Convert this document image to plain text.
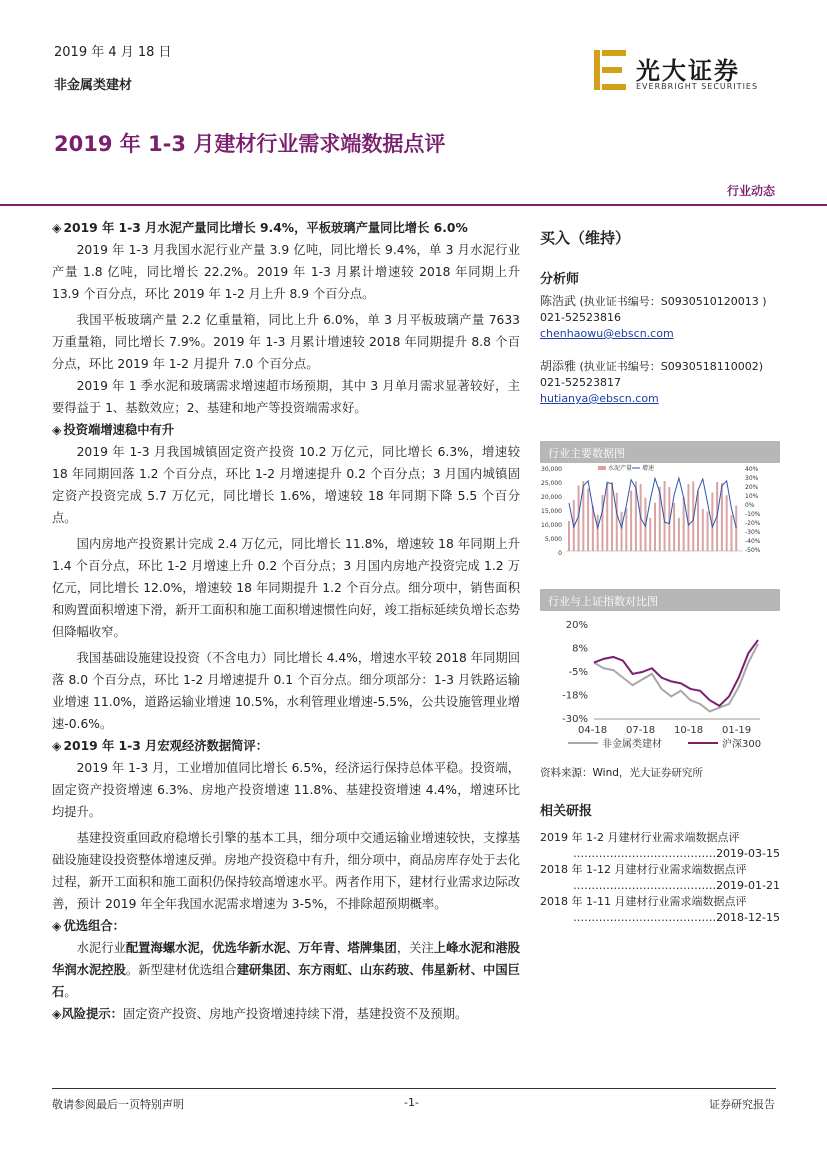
2019 年 4 月 18 日
非金属类建材
光大证券
EVERBRIGHT SECURITIES
2019 年 1-3 月建材行业需求端数据点评
行业动态
◈ 2019 年 1-3 月水泥产量同比增长 9.4%，平板玻璃产量同比增长 6.0%

2019 年 1-3 月我国水泥行业产量 3.9 亿吨，同比增长 9.4%，单 3 月水泥行业产量 1.8 亿吨，同比增长 22.2%。2019 年 1-3 月累计增速较 2018 年同期上升 13.9 个百分点，环比 2019 年 1-2 月上升 8.9 个百分点。

我国平板玻璃产量 2.2 亿重量箱，同比上升 6.0%，单 3 月平板玻璃产量 7633 万重量箱，同比增长 7.9%。2019 年 1-3 月累计增速较 2018 年同期提升 8.8 个百分点，环比 2019 年 1-2 月提升 7.0 个百分点。

2019 年 1 季水泥和玻璃需求增速超市场预期，其中 3 月单月需求显著较好，主要得益于 1、基数效应；2、基建和地产等投资端需求好。

◈ 投资端增速稳中有升

2019 年 1-3 月我国城镇固定资产投资 10.2 万亿元，同比增长 6.3%，增速较 18 年同期回落 1.2 个百分点，环比 1-2 月增速提升 0.2 个百分点；3 月国内城镇固定资产投资完成 5.7 万亿元，同比增长 1.6%，增速较 18 年同期下降 5.5 个百分点。

国内房地产投资累计完成 2.4 万亿元，同比增长 11.8%，增速较 18 年同期上升 1.4 个百分点，环比 1-2 月增速上升 0.2 个百分点；3 月国内房地产投资完成 1.2 万亿元，同比增长 12.0%，增速较 18 年同期提升 1.2 个百分点。细分项中，销售面积和购置面积增速下滑，新开工面积和施工面积增速惯性向好，竣工指标延续负增长态势但降幅收窄。

我国基础设施建设投资（不含电力）同比增长 4.4%，增速水平较 2018 年同期回落 8.0 个百分点，环比 1-2 月增速提升 0.1 个百分点。细分项部分：1-3 月铁路运输业增速 11.0%，道路运输业增速 10.5%，水利管理业增速-5.5%，公共设施管理业增速-0.6%。

◈ 2019 年 1-3 月宏观经济数据简评：

2019 年 1-3 月，工业增加值同比增长 6.5%，经济运行保持总体平稳。投资端，固定资产投资增速 6.3%、房地产投资增速 11.8%、基建投资增速 4.4%，增速环比均提升。

基建投资重回政府稳增长引擎的基本工具，细分项中交通运输业增速较快，支撑基础设施建设投资整体增速反弹。房地产投资稳中有升，细分项中，商品房库存处于去化过程，新开工面积和施工面积仍保持较高增速水平。两者作用下，建材行业需求边际改善，预计 2019 年全年我国水泥需求增速为 3-5%，不排除超预期概率。

◈ 优选组合：

水泥行业配置海螺水泥，优选华新水泥、万年青、塔牌集团，关注上峰水泥和港股华润水泥控股。新型建材优选组合建研集团、东方雨虹、山东药玻、伟星新材、中国巨石。

◈风险提示：固定资产投资、房地产投资增速持续下滑，基建投资不及预期。

买入（维持）
分析师
陈浩武 (执业证书编号：S0930510120013 )
021-52523816
chenhaowu@ebscn.com
胡添雅 (执业证书编号：S0930518110002)
021-52523817
hutianya@ebscn.com
行业主要数据图
30,000
25,000
20,000
15,000
10,000
5,000
0
40%
30%
20%
10%
0%
-10%
-20%
-30%
-40%
-50%
水泥产量 增速
行业与上证指数对比图
20%
8%
-5%
-18%
-30%
04-18 07-18 10-18 01-19
非金属类建材	沪深300
资料来源：Wind，光大证券研究所
相关研报
2019 年 1-2 月建材行业需求端数据点评
…………………………………2019-03-15
2018 年 1-12 月建材行业需求端数据点评
…………………………………2019-01-21
2018 年 1-11 月建材行业需求端数据点评
…………………………………2018-12-15
敬请参阅最后一页特别声明	-1-	证券研究报告
